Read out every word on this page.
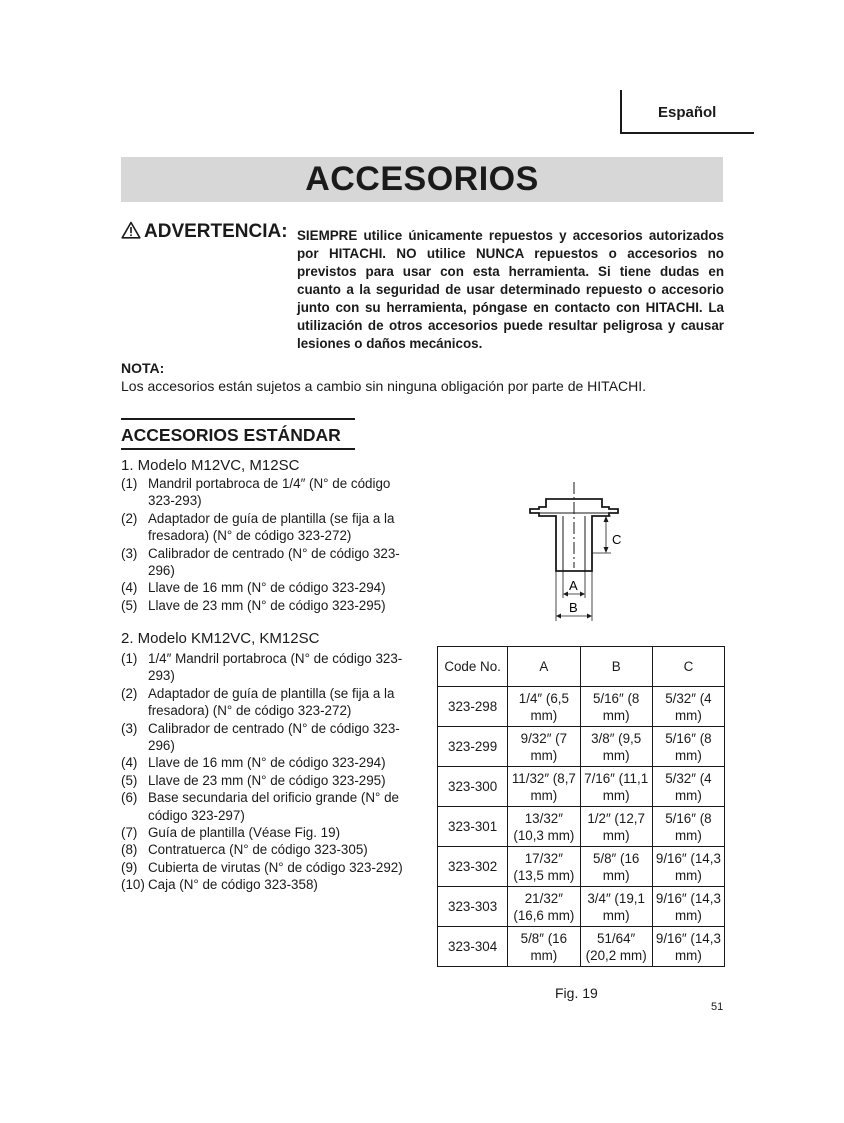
Español
ACCESORIOS
ADVERTENCIA: SIEMPRE utilice únicamente repuestos y accesorios autorizados por HITACHI. NO utilice NUNCA repuestos o accesorios no previstos para usar con esta herramienta. Si tiene dudas en cuanto a la seguridad de usar determinado repuesto o accesorio junto con su herramienta, póngase en contacto con HITACHI. La utilización de otros accesorios puede resultar peligrosa y causar lesiones o daños mecánicos.
NOTA:
Los accesorios están sujetos a cambio sin ninguna obligación por parte de HITACHI.
ACCESORIOS ESTÁNDAR
1. Modelo M12VC, M12SC
(1) Mandril portabroca de 1/4″ (N° de código 323-293)
(2) Adaptador de guía de plantilla (se fija a la fresadora) (N° de código 323-272)
(3) Calibrador de centrado (N° de código 323-296)
(4) Llave de 16 mm (N° de código 323-294)
(5) Llave de 23 mm (N° de código 323-295)
2. Modelo KM12VC, KM12SC
(1) 1/4″ Mandril portabroca (N° de código 323-293)
(2) Adaptador de guía de plantilla (se fija a la fresadora) (N° de código 323-272)
(3) Calibrador de centrado (N° de código 323-296)
(4) Llave de 16 mm (N° de código 323-294)
(5) Llave de 23 mm (N° de código 323-295)
(6) Base secundaria del orificio grande (N° de código 323-297)
(7) Guía de plantilla (Véase Fig. 19)
(8) Contratuerca (N° de código 323-305)
(9) Cubierta de virutas (N° de código 323-292)
(10) Caja (N° de código 323-358)
C
A
B
Code No.	A	B	C
323-298	1/4″ (6,5 mm)	5/16″ (8 mm)	5/32″ (4 mm)
323-299	9/32″ (7 mm)	3/8″ (9,5 mm)	5/16″ (8 mm)
323-300	11/32″ (8,7 mm)	7/16″ (11,1 mm)	5/32″ (4 mm)
323-301	13/32″ (10,3 mm)	1/2″ (12,7 mm)	5/16″ (8 mm)
323-302	17/32″ (13,5 mm)	5/8″ (16 mm)	9/16″ (14,3 mm)
323-303	21/32″ (16,6 mm)	3/4″ (19,1 mm)	9/16″ (14,3 mm)
323-304	5/8″ (16 mm)	51/64″ (20,2 mm)	9/16″ (14,3 mm)
Fig. 19
51
